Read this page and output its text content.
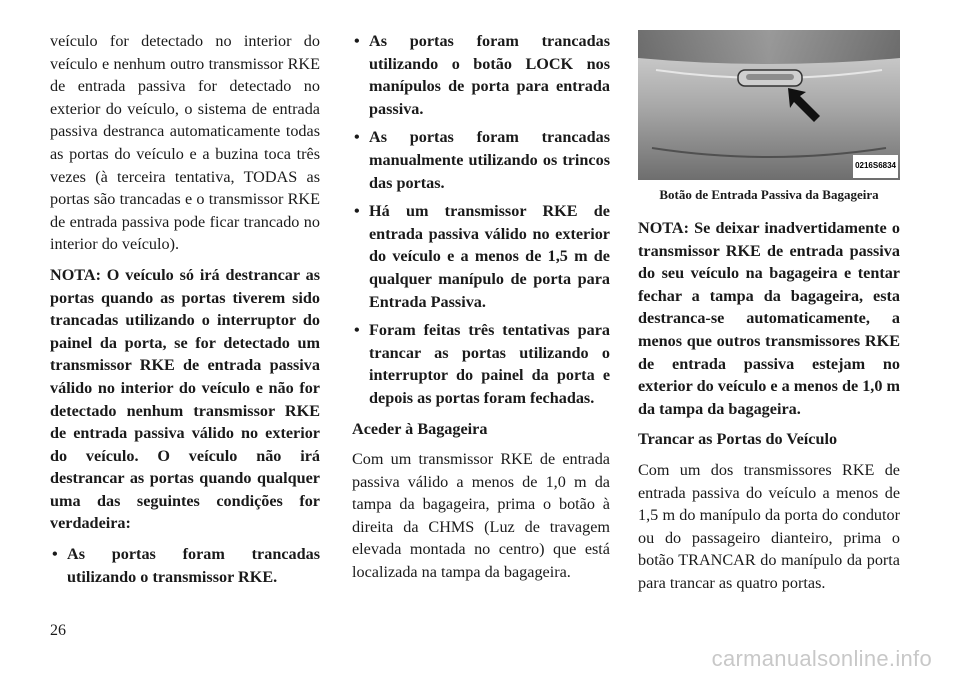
veículo for detectado no interior do veículo e nenhum outro transmissor RKE de entrada passiva for detectado no exterior do veículo, o sistema de entrada passiva destranca automaticamente todas as portas do veículo e a buzina toca três vezes (à terceira tentativa, TODAS as portas são trancadas e o transmissor RKE de entrada passiva pode ficar trancado no interior do veículo).

NOTA: O veículo só irá destrancar as portas quando as portas tiverem sido trancadas utilizando o interruptor do painel da porta, se for detectado um transmissor RKE de entrada passiva válido no interior do veículo e não for detectado nenhum transmissor RKE de entrada passiva válido no exterior do veículo. O veículo não irá destrancar as portas quando qualquer uma das seguintes condições for verdadeira:

• As portas foram trancadas utilizando o transmissor RKE.
• As portas foram trancadas utilizando o botão LOCK nos manípulos de porta para entrada passiva.
• As portas foram trancadas manualmente utilizando os trincos das portas.
• Há um transmissor RKE de entrada passiva válido no exterior do veículo e a menos de 1,5 m de qualquer manípulo de porta para Entrada Passiva.
• Foram feitas três tentativas para trancar as portas utilizando o interruptor do painel da porta e depois as portas foram fechadas.
Aceder à Bagageira

Com um transmissor RKE de entrada passiva válido a menos de 1,0 m da tampa da bagageira, prima o botão à direita da CHMS (Luz de travagem elevada montada no centro) que está localizada na tampa da bagageira.

0216S6834
Botão de Entrada Passiva da Bagageira

NOTA: Se deixar inadvertidamente o transmissor RKE de entrada passiva do seu veículo na bagageira e tentar fechar a tampa da bagageira, esta destranca-se automaticamente, a menos que outros transmissores RKE de entrada passiva estejam no exterior do veículo e a menos de 1,0 m da tampa da bagageira.

Trancar as Portas do Veículo

Com um dos transmissores RKE de entrada passiva do veículo a menos de 1,5 m do manípulo da porta do condutor ou do passageiro dianteiro, prima o botão TRANCAR do manípulo da porta para trancar as quatro portas.

26
carmanualsonline.info
